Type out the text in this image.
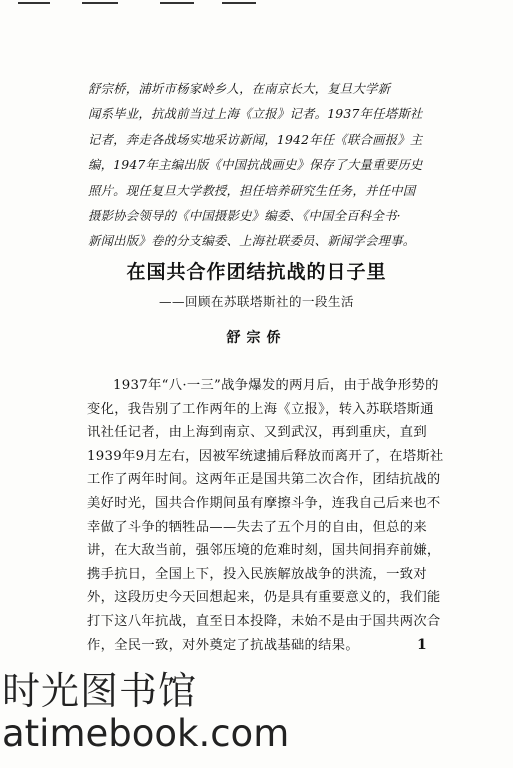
舒宗桥，浦圻市杨家岭乡人，在南京长大，复旦大学新
闻系毕业，抗战前当过上海《立报》记者。1937年任塔斯社
记者，奔走各战场实地采访新闻，1942年任《联合画报》主
编，1947年主编出版《中国抗战画史》保存了大量重要历史
照片。现任复旦大学教授，担任培养研究生任务，并任中国
摄影协会领导的《中国摄影史》编委、《中国全百科全书·
新闻出版》卷的分支编委、上海社联委员、新闻学会理事。
在国共合作团结抗战的日子里
——回顾在苏联塔斯社的一段生活
舒宗侨
1937年“八·一三”战争爆发的两月后，由于战争形势的
变化，我告别了工作两年的上海《立报》，转入苏联塔斯通
讯社任记者，由上海到南京、又到武汉，再到重庆，直到
1939年9月左右，因被军统逮捕后释放而离开了，在塔斯社
工作了两年时间。这两年正是国共第二次合作，团结抗战的
美好时光，国共合作期间虽有摩擦斗争，连我自己后来也不
幸做了斗争的牺牲品——失去了五个月的自由，但总的来
讲，在大敌当前，强邻压境的危难时刻，国共间捐弃前嫌，
携手抗日，全国上下，投入民族解放战争的洪流，一致对
外，这段历史今天回想起来，仍是具有重要意义的，我们能
打下这八年抗战，直至日本投降，未始不是由于国共两次合
作，全民一致，对外奠定了抗战基础的结果。	1
时光图书馆
atimebook.com
